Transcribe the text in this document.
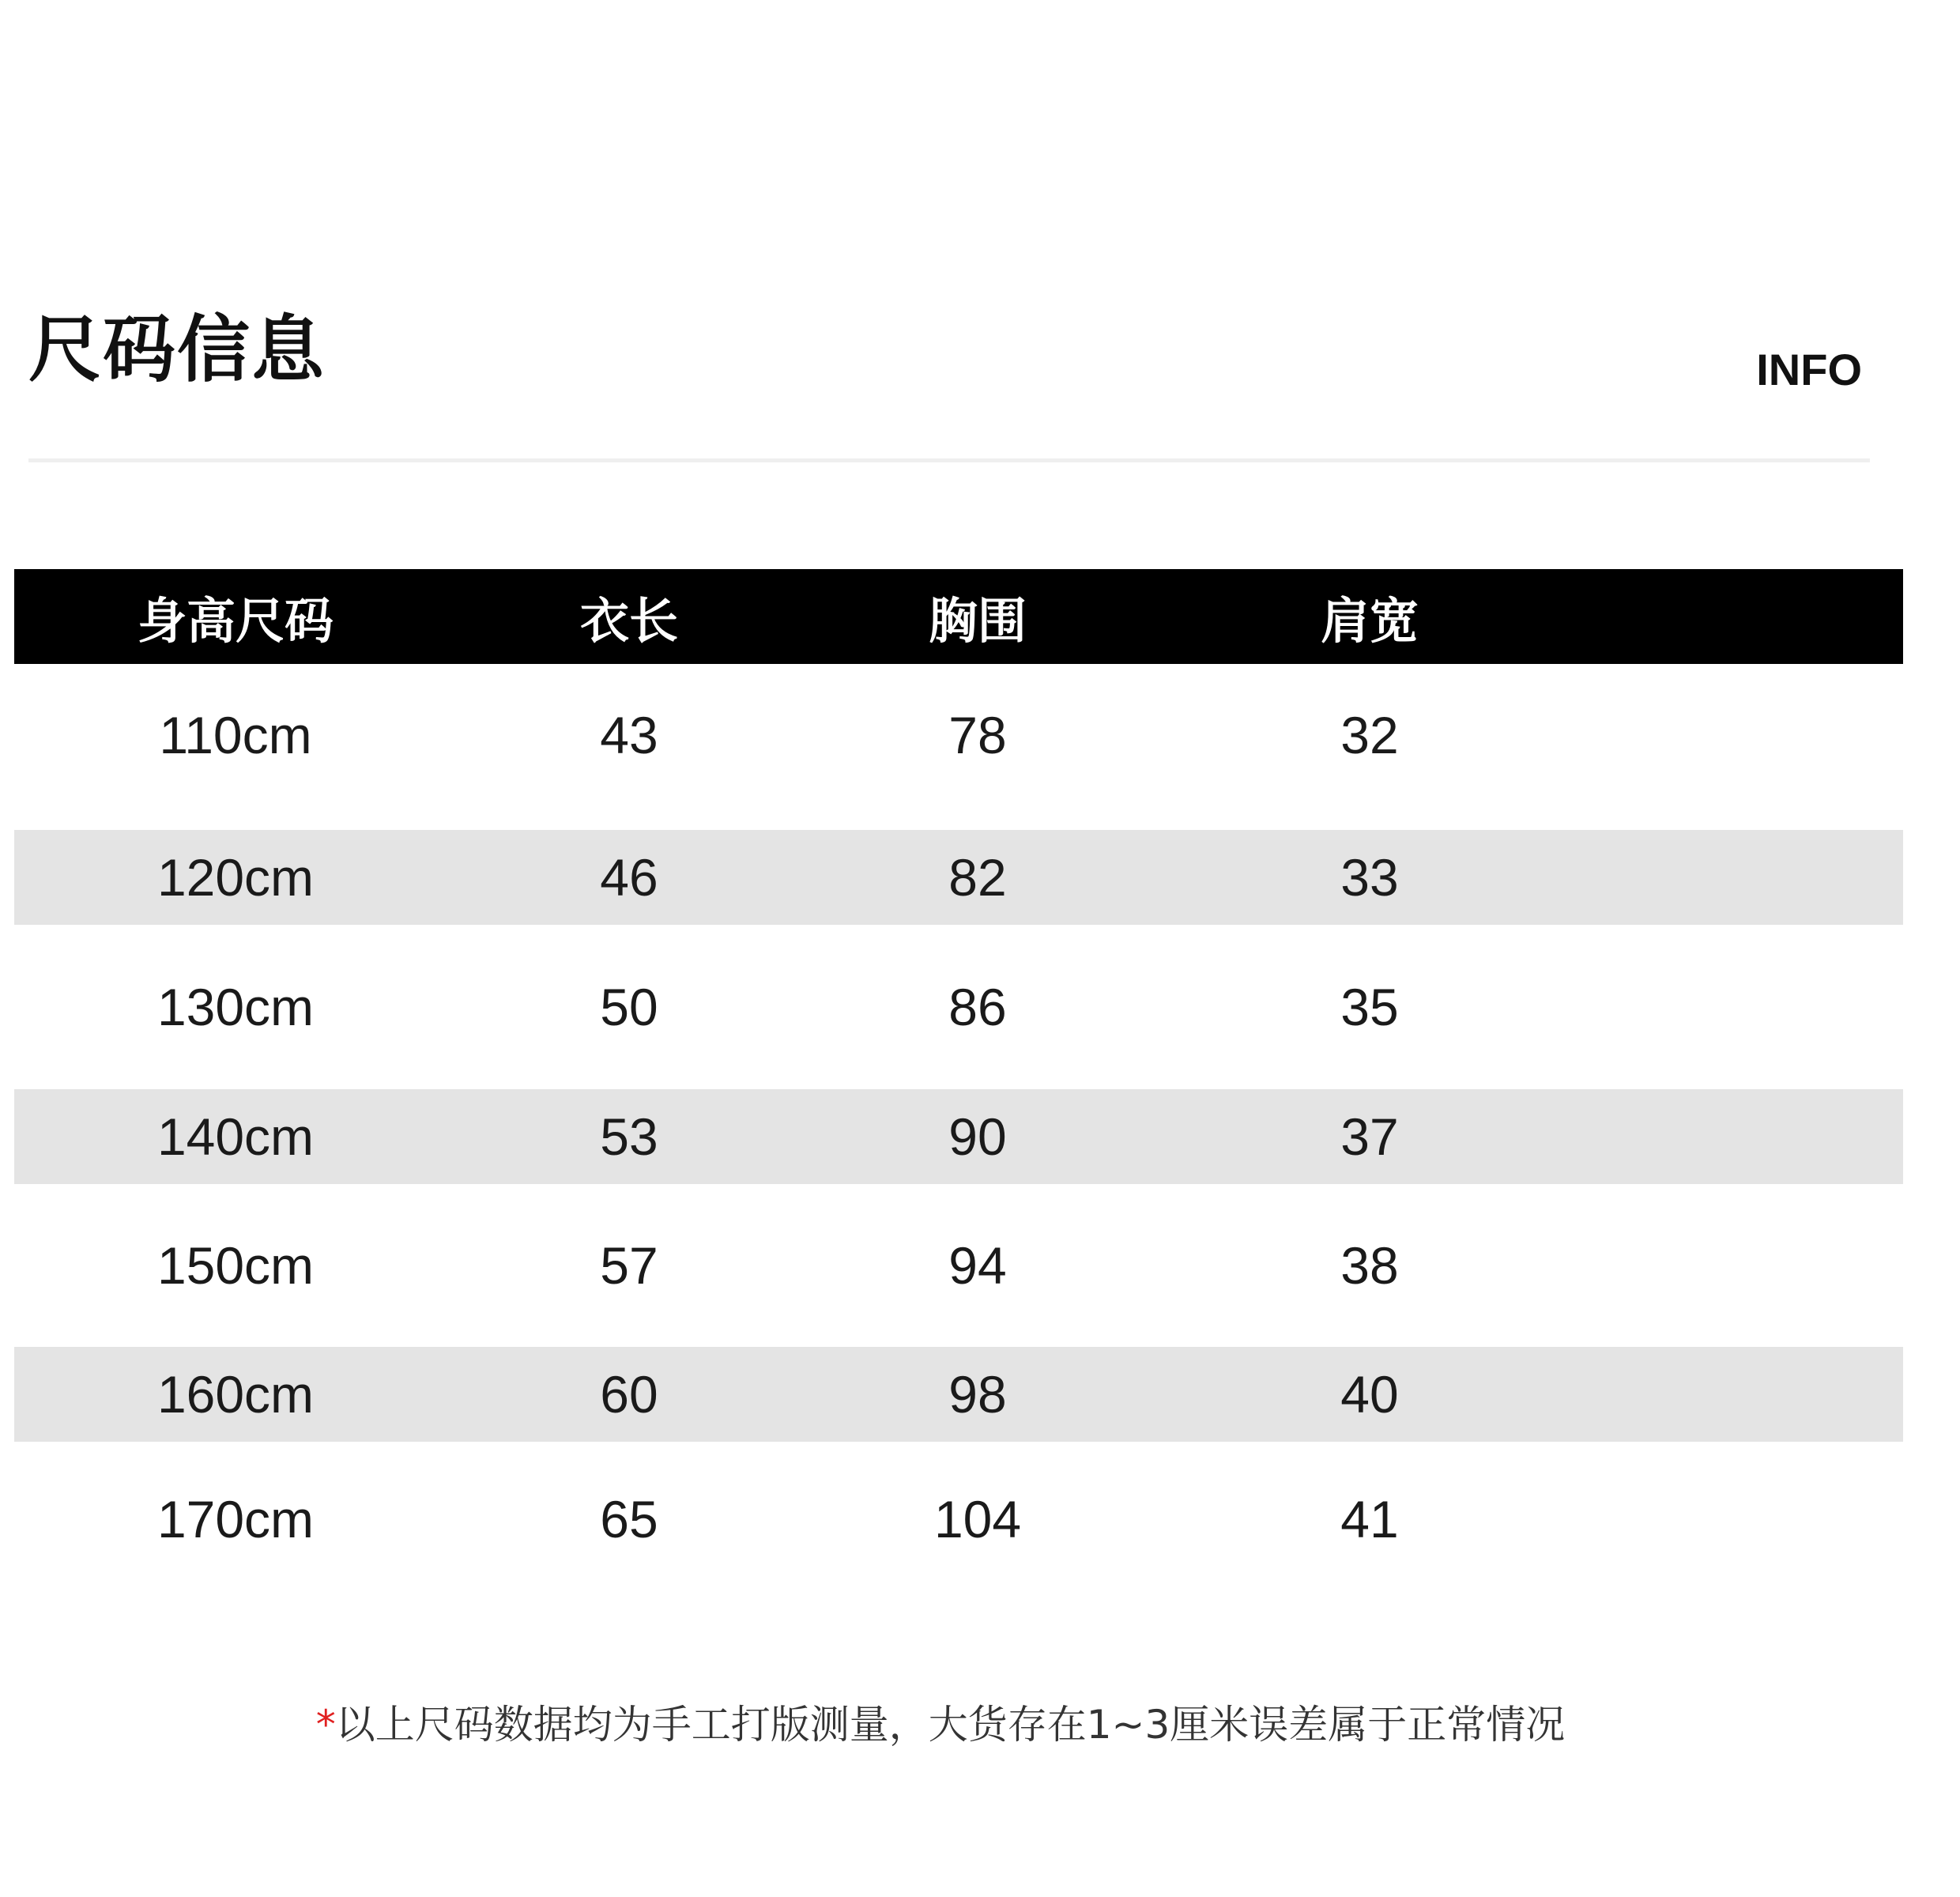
尺码信息	INFO
身高尺码	衣长	胸围	肩宽
110cm	43	78	32
120cm	46	82	33
130cm	50	86	35
140cm	53	90	37
150cm	57	94	38
160cm	60	98	40
170cm	65	104	41
*以上尺码数据均为手工打版测量，大货存在1~3厘米误差属于正常情况
